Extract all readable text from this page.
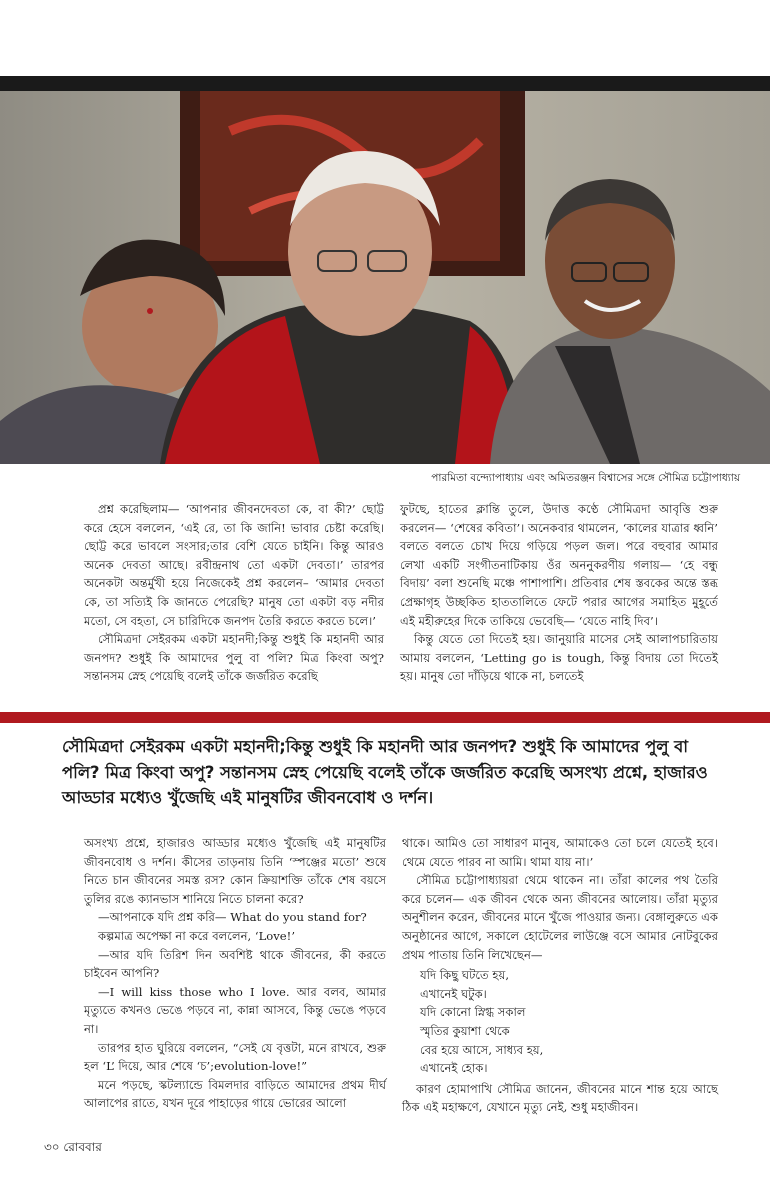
পারমিতা বন্দ্যোপাধ্যায় এবং অমিতরঞ্জন বিশ্বাসের সঙ্গে সৌমিত্র চট্টোপাধ্যায়

প্রশ্ন করেছিলাম— ‘আপনার জীবনদেবতা কে, বা কী?’ ছোট্ট করে হেসে বললেন, ‘এই রে, তা কি জানি! ভাবার চেষ্টা করেছি। ছোট্ট করে ভাবলে সংসার;তার বেশি যেতে চাইনি। কিন্তু আরও অনেক দেবতা আছে। রবীন্দ্রনাথ তো একটা দেবতা।’ তারপর অনেকটা অন্তর্মুখী হয়ে নিজেকেই প্রশ্ন করলেন– ‘আমার দেবতা কে, তা সত্যিই কি জানতে পেরেছি? মানুষ তো একটা বড় নদীর মতো, সে বহতা, সে চারিদিকে জনপদ তৈরি করতে করতে চলে।’

সৌমিত্রদা সেইরকম একটা মহানদী;কিন্তু শুধুই কি মহানদী আর জনপদ? শুধুই কি আমাদের পুলু বা পলি? মিত্র কিংবা অপু? সন্তানসম স্নেহ পেয়েছি বলেই তাঁকে জর্জরিত করেছি

ফুটছে, হাতের ক্লান্তি তুলে, উদাত্ত কণ্ঠে সৌমিত্রদা আবৃত্তি শুরু করলেন— ‘শেষের কবিতা’। অনেকবার থামলেন, ‘কালের যাত্রার ধ্বনি’ বলতে বলতে চোখ দিয়ে গড়িয়ে পড়ল জল। পরে বহুবার আমার লেখা একটি সংগীতনাটিকায় ওঁর অননুকরণীয় গলায়— ‘হে বন্ধু বিদায়’ বলা শুনেছি মঞ্চে পাশাপাশি। প্রতিবার শেষ স্তবকের অন্তে স্তব্ধ প্রেক্ষাগৃহ উচ্ছকিত হাততালিতে ফেটে পরার আগের সমাহিত মুহূর্তে এই মহীরুহের দিকে তাকিয়ে ভেবেছি— ‘যেতে নাহি দিব’।

কিন্তু যেতে তো দিতেই হয়। জানুয়ারি মাসের সেই আলাপচারিতায় আমায় বললেন, ‘Letting go is tough, কিন্তু বিদায় তো দিতেই হয়। মানুষ তো দাঁড়িয়ে থাকে না, চলতেই

সৌমিত্রদা সেইরকম একটা মহানদী;কিন্তু শুধুই কি মহানদী আর জনপদ? শুধুই কি আমাদের পুলু বা পলি? মিত্র কিংবা অপু? সন্তানসম স্নেহ পেয়েছি বলেই তাঁকে জর্জরিত করেছি অসংখ্য প্রশ্নে, হাজারও আড্ডার মধ্যেও খুঁজেছি এই মানুষটির জীবনবোধ ও দর্শন।

অসংখ্য প্রশ্নে, হাজারও আড্ডার মধ্যেও খুঁজেছি এই মানুষটির জীবনবোধ ও দর্শন। কীসের তাড়নায় তিনি ‘স্পঞ্জের মতো’ শুষে নিতে চান জীবনের সমস্ত রস? কোন ক্রিয়াশক্তি তাঁকে শেষ বয়সে তুলির রঙে ক্যানভাস শানিয়ে নিতে চালনা করে?

—আপনাকে যদি প্রশ্ন করি— What do you stand for?

কল্পমাত্র অপেক্ষা না করে বললেন, ‘Love!’

—আর যদি তিরিশ দিন অবশিষ্ট থাকে জীবনের, কী করতে চাইবেন আপনি?

—I will kiss those who I love. আর বলব, আমার মৃত্যুতে কখনও ভেঙে পড়বে না, কান্না আসবে, কিন্তু ভেঙে পড়বে না।

তারপর হাত ঘুরিয়ে বললেন, “সেই যে বৃত্তটা, মনে রাখবে, শুরু হল ‘L’ দিয়ে, আর শেষে ‘চ’;evolution-love!”

মনে পড়ছে, স্কটল্যান্ডে বিমলদার বাড়িতে আমাদের প্রথম দীর্ঘ আলাপের রাতে, যখন দূরে পাহাড়ের গায়ে ভোরের আলো

থাকে। আমিও তো সাধারণ মানুষ, আমাকেও তো চলে যেতেই হবে। থেমে যেতে পারব না আমি। থামা যায় না।’

সৌমিত্র চট্টোপাধ্যায়রা থেমে থাকেন না। তাঁরা কালের পথ তৈরি করে চলেন— এক জীবন থেকে অন্য জীবনের আলোয়। তাঁরা মৃত্যুর অনুশীলন করেন, জীবনের মানে খুঁজে পাওয়ার জন্য। বেঙ্গালুরুতে এক অনুষ্ঠানের আগে, সকালে হোটেলের লাউঞ্জে বসে আমার নোটবুকের প্রথম পাতায় তিনি লিখেছেন—

যদি কিছু ঘটতে হয়,
এখানেই ঘটুক।
যদি কোনো স্নিগ্ধ সকাল
স্মৃতির কুয়াশা থেকে
বের হয়ে আসে, সাধ্যব হয়,
এখানেই হোক।

কারণ হোমাপাখি সৌমিত্র জানেন, জীবনের মানে শান্ত হয়ে আছে ঠিক এই মহাক্ষণে, যেখানে মৃত্যু নেই, শুধু মহাজীবন।

৩০ রোববার
